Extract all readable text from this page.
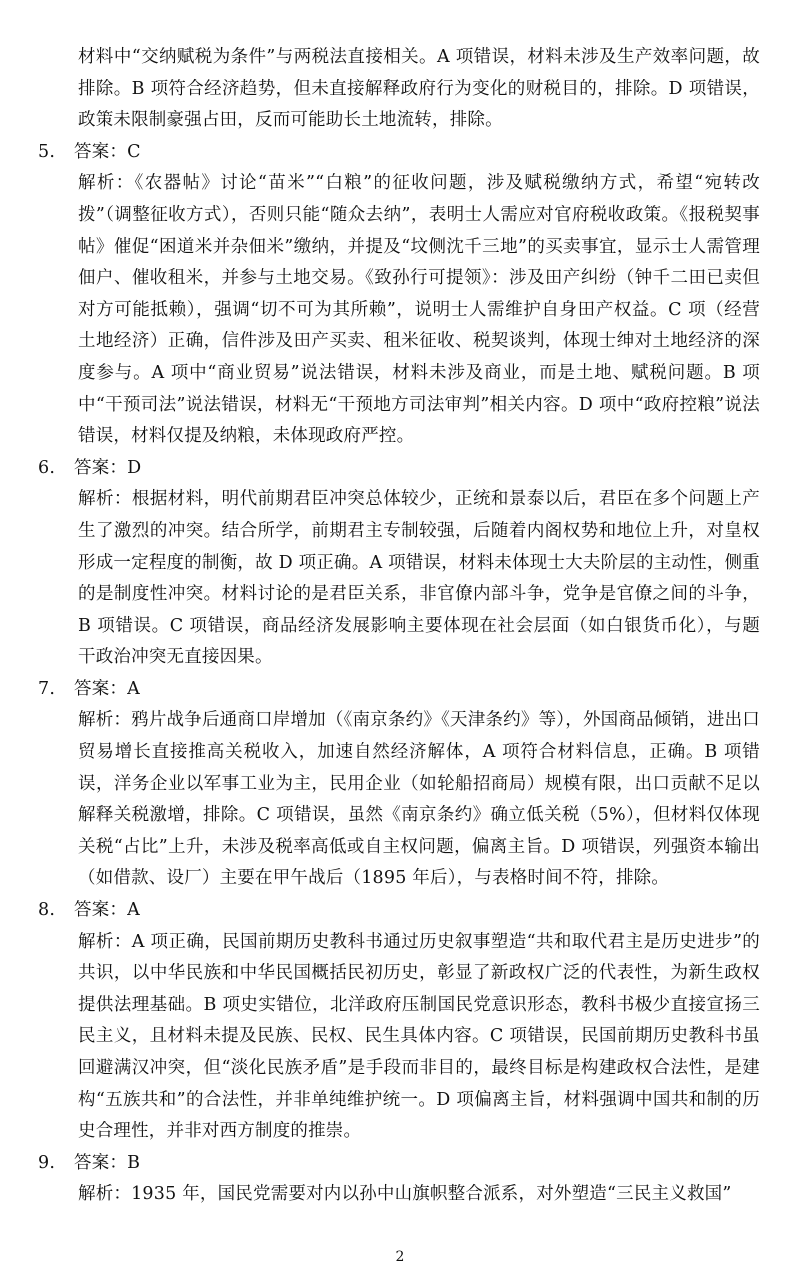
材料中“交纳赋税为条件”与两税法直接相关。A 项错误，材料未涉及生产效率问题，故排除。B 项符合经济趋势，但未直接解释政府行为变化的财税目的，排除。D 项错误，政策未限制豪强占田，反而可能助长土地流转，排除。

5. 答案：C

解析：《农器帖》讨论“苗米”“白粮”的征收问题，涉及赋税缴纳方式，希望“宛转改拨”（调整征收方式），否则只能“随众去纳”，表明士人需应对官府税收政策。《报税契事帖》催促“困道米并杂佃米”缴纳，并提及“坟侧沈千三地”的买卖事宜，显示士人需管理佃户、催收租米，并参与土地交易。《致孙行可提领》：涉及田产纠纷（钟千二田已卖但对方可能抵赖），强调“切不可为其所赖”，说明士人需维护自身田产权益。C 项（经营土地经济）正确，信件涉及田产买卖、租米征收、税契谈判，体现士绅对土地经济的深度参与。A 项中“商业贸易”说法错误，材料未涉及商业，而是土地、赋税问题。B 项中“干预司法”说法错误，材料无“干预地方司法审判”相关内容。D 项中“政府控粮”说法错误，材料仅提及纳粮，未体现政府严控。

6. 答案：D

解析：根据材料，明代前期君臣冲突总体较少，正统和景泰以后，君臣在多个问题上产生了激烈的冲突。结合所学，前期君主专制较强，后随着内阁权势和地位上升，对皇权形成一定程度的制衡，故 D 项正确。A 项错误，材料未体现士大夫阶层的主动性，侧重的是制度性冲突。材料讨论的是君臣关系，非官僚内部斗争，党争是官僚之间的斗争，B 项错误。C 项错误，商品经济发展影响主要体现在社会层面（如白银货币化），与题干政治冲突无直接因果。

7. 答案：A

解析：鸦片战争后通商口岸增加（《南京条约》《天津条约》等），外国商品倾销，进出口贸易增长直接推高关税收入，加速自然经济解体，A 项符合材料信息，正确。B 项错误，洋务企业以军事工业为主，民用企业（如轮船招商局）规模有限，出口贡献不足以解释关税激增，排除。C 项错误，虽然《南京条约》确立低关税（5%），但材料仅体现关税“占比”上升，未涉及税率高低或自主权问题，偏离主旨。D 项错误，列强资本输出（如借款、设厂）主要在甲午战后（1895 年后），与表格时间不符，排除。

8. 答案：A

解析：A 项正确，民国前期历史教科书通过历史叙事塑造“共和取代君主是历史进步”的共识，以中华民族和中华民国概括民初历史，彰显了新政权广泛的代表性，为新生政权提供法理基础。B 项史实错位，北洋政府压制国民党意识形态，教科书极少直接宣扬三民主义，且材料未提及民族、民权、民生具体内容。C 项错误，民国前期历史教科书虽回避满汉冲突，但“淡化民族矛盾”是手段而非目的，最终目标是构建政权合法性，是建构“五族共和”的合法性，并非单纯维护统一。D 项偏离主旨，材料强调中国共和制的历史合理性，并非对西方制度的推崇。

9. 答案：B

解析：1935 年，国民党需要对内以孙中山旗帜整合派系，对外塑造“三民主义救国”

2
